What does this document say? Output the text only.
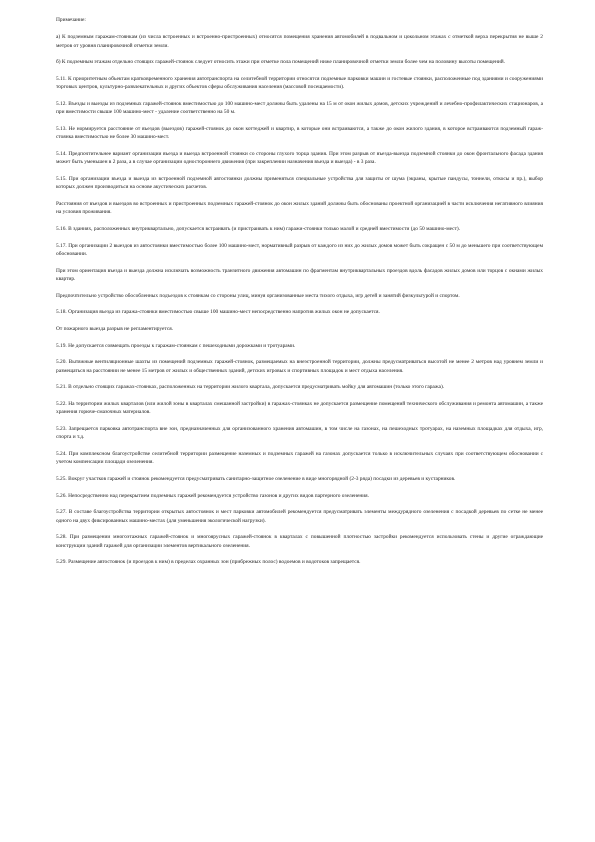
Примечание:

а) К подземным гаражам-стоянкам (из числа встроенных и встроенно-пристроенных) относятся помещения хранения автомобилей в подвальном и цокольном этажах с отметкой верха перекрытия не выше 2 метров от уровня планировочной отметки земли.

б) К подземным этажам отдельно стоящих гаражей-стоянок следует относить этажи при отметке пола помещений ниже планировочной отметки земли более чем на половину высоты помещений.

5.11. К приоритетным объектам кратковременного хранения автотранспорта на селитебной территории относятся подземные парковки машин и гостевые стоянки, расположенные под зданиями и сооружениями торговых центров, культурно-развлекательных и других объектов сферы обслуживания населения (массовой посещаемости).

5.12. Въезды и выезды из подземных гаражей-стоянок вместимостью до 100 машино-мест должны быть удалены на 15 м от окон жилых домов, детских учреждений и лечебно-профилактических стационаров, а при вместимости свыше 100 машино-мест - удаление соответственно на 50 м.

5.13. Не нормируется расстояние от въездов (выездов) гаражей-стоянок до окон коттеджей и квартир, в которые они встраиваются, а также до окон жилого здания, в которое встраиваются подземный гараж-стоянка вместимостью не более 30 машино-мест.

5.14. Предпочтительнее вариант организации въезда и выезда встроенной стоянки со стороны глухого торца здания. При этом разрыв от въезда-выезда подземной стоянки до окон фронтального фасада здания может быть уменьшен в 2 раза, а в случае организации одностороннего движения (при закреплении назначения въезда и выезда) - в 3 раза.

5.15. При организации въезда и выезда из встроенной подземной автостоянки должны применяться специальные устройства для защиты от шума (экраны, крытые пандусы, тоннели, откосы и пр.), выбор которых должен производиться на основе акустических расчетов.

Расстояния от въездов и выездов во встроенных и пристроенных подземных гаражей-стоянок до окон жилых зданий должны быть обоснованы проектной организацией в части исключения негативного влияния на условия проживания.

5.16. В зданиях, расположенных внутриквартально, допускается встраивать (и пристраивать к ним) гаражи-стоянки только малой и средней вместимости (до 50 машино-мест).

5.17. При организации 2 выездов из автостоянки вместимостью более 100 машино-мест, нормативный разрыв от каждого из них до жилых домов может быть сокращен с 50 м до меньшего при соответствующем обосновании.

При этом ориентация въезда и выезда должна исключать возможность транзитного движения автомашин по фрагментам внутриквартальных проездов вдоль фасадов жилых домов или торцов с окнами жилых квартир.

Предпочтительно устройство обособленных подъездов к стоянкам со стороны улиц, минуя организованные места тихого отдыха, игр детей и занятий физкультурой и спортом.

5.18. Организация въезда из гаража-стоянки вместимостью свыше 100 машино-мест непосредственно напротив жилых окон не допускается.

От пожарного выезда разрыв не регламентируется.

5.19. Не допускается совмещать проезды к гаражам-стоянкам с пешеходными дорожками и тротуарами.

5.20. Вытяжные вентиляционные шахты из помещений подземных гаражей-стоянок, размещаемых на внеэстроенной территории, должны предусматриваться высотой не менее 2 метров над уровнем земли и размещаться на расстоянии не менее 15 метров от жилых и общественных зданий, детских игровых и спортивных площадок и мест отдыха населения.

5.21. В отдельно стоящих гаражах-стоянках, расположенных на территории жилого квартала, допускается предусматривать мойку для автомашин (только этого гаража).

5.22. На территории жилых кварталов (или жилой зоны в кварталах смешанной застройки) в гаражах-стоянках не допускается размещение помещений технического обслуживания и ремонта автомашин, а также хранения горюче-смазочных материалов.

5.23. Запрещается парковка автотранспорта вне зон, предназначенных для организованного хранения автомашин, в том числе на газонах, на пешеходных тротуарах, на наземных площадках для отдыха, игр, спорта и т.д.

5.24. При комплексном благоустройстве селитебной территории размещение наземных и подземных гаражей на газонах допускается только в исключительных случаях при соответствующем обосновании с учетом компенсации площади озеленения.

5.25. Вокруг участков гаражей и стоянок рекомендуется предусматривать санитарно-защитное озеленение в виде многорядной (2-3 ряда) посадки из деревьев и кустарников.

5.26. Непосредственно над перекрытием подземных гаражей рекомендуется устройство газонов и других видов партерного озеленения.

5.27. В составе благоустройства территории открытых автостоянок и мест парковки автомобилей рекомендуется предусматривать элементы междурядного озеленения с посадкой деревьев по сетке не менее одного на двух фиксированных машино-местах (для уменьшения экологической нагрузки).

5.28. При размещении многоэтажных гаражей-стоянок и многоярусных гаражей-стоянок в кварталах с повышенной плотностью застройки рекомендуется использовать стены и другие ограждающие конструкции зданий гаражей для организации элементов вертикального озеленения.

5.29. Размещение автостоянок (и проездов к ним) в пределах охранных зон (прибрежных полос) водоемов и водотоков запрещается.
